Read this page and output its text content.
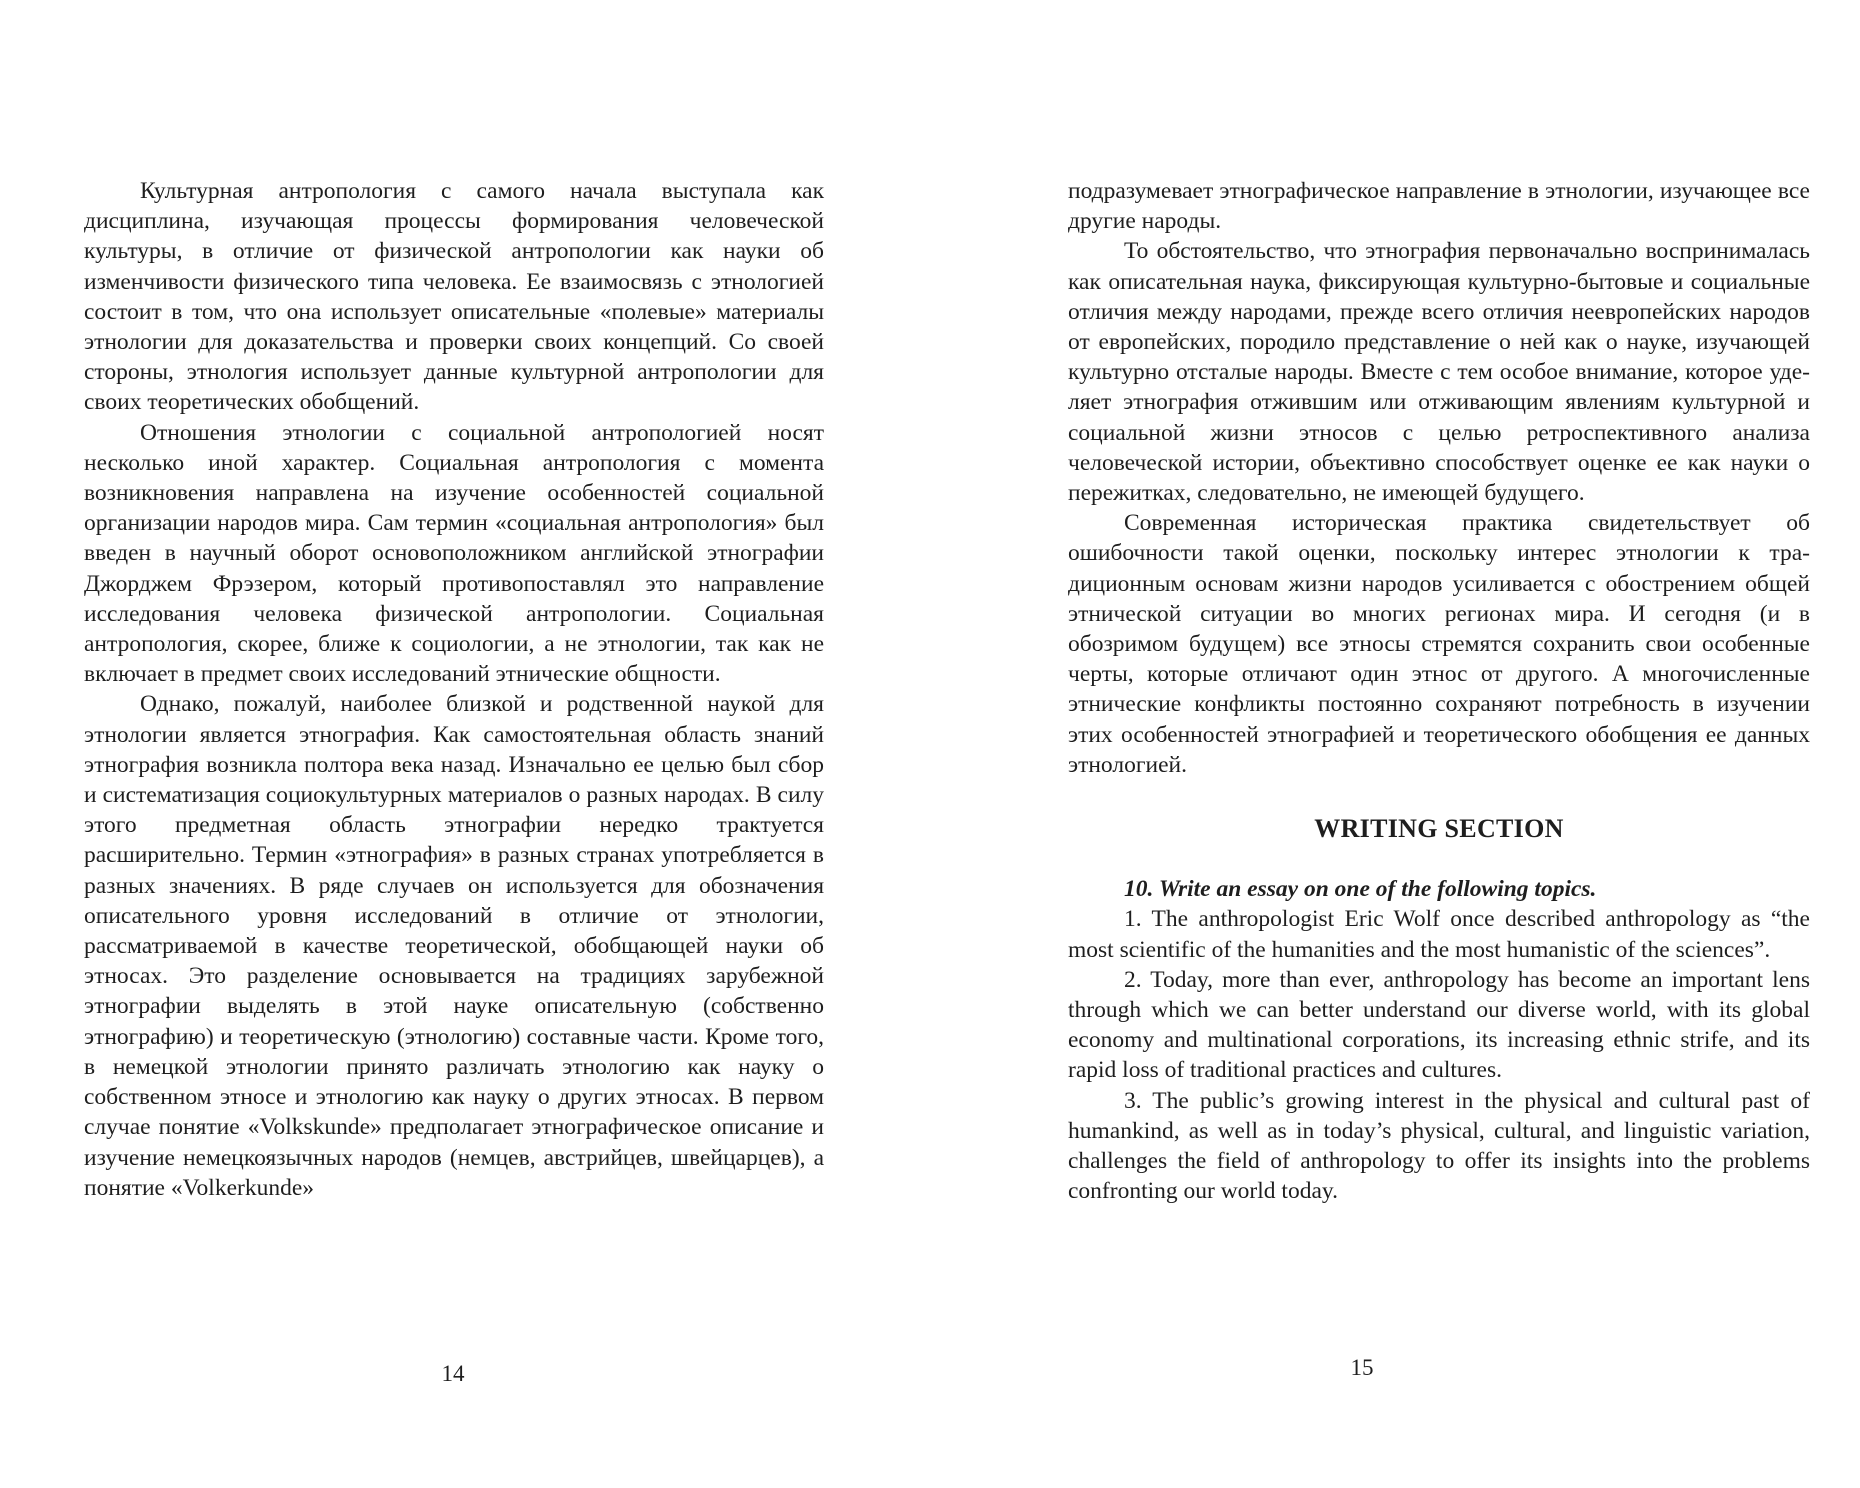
Культурная антропология с самого начала выступала как дисциплина, изучающая процессы формирования человеческой культуры, в отличие от физической антропологии как науки об изменчивости физического типа человека. Ее взаимосвязь с этнологией состоит в том, что она использует описательные «полевые» материалы этнологии для доказательства и проверки своих концепций. Со своей стороны, этнология использует данные культурной антропологии для своих теоретических обобщений.

Отношения этнологии с социальной антропологией носят несколько иной характер. Социальная антропология с момента возникновения направлена на изучение особенностей социальной организации народов мира. Сам термин «социальная антропология» был введен в научный оборот основоположником английской этнографии Джорджем Фрэзером, который противопоставлял это направление исследования человека физической антропологии. Социальная антропология, скорее, ближе к социологии, а не этнологии, так как не включает в предмет своих исследований этнические общности.

Однако, пожалуй, наиболее близкой и родственной наукой для этнологии является этнография. Как самостоятельная область знаний этнография возникла полтора века назад. Изначально ее целью был сбор и систематизация социокультурных материалов о разных народах. В силу этого предметная область этнографии нередко трактуется расширительно. Термин «этнография» в разных странах употребляется в разных значениях. В ряде случаев он используется для обозначения описательного уровня исследований в отличие от этнологии, рассматриваемой в качестве теоретической, обобщающей науки об этносах. Это разделение основывается на традициях зарубежной этнографии выделять в этой науке описательную (собственно этнографию) и теоретическую (этнологию) составные части. Кроме того, в немецкой этнологии принято различать этнологию как науку о собственном этносе и этнологию как науку о других этносах. В первом случае понятие «Volkskunde» предполагает этнографическое описание и изучение немецкоязычных народов (немцев, австрийцев, швейцарцев), а понятие «Volkerkunde»

14

подразумевает этнографическое направление в этнологии, изучающее все другие народы.

То обстоятельство, что этнография первоначально воспринималась как описательная наука, фиксирующая культурно-бытовые и социальные отличия между народами, прежде всего отличия неевропейских народов от европейских, породило представление о ней как о науке, изучающей культурно отсталые народы. Вместе с тем особое внимание, которое уделяет этнография отжившим или отживающим явлениям культурной и социальной жизни этносов с целью ретроспективного анализа человеческой истории, объективно способствует оценке ее как науки о пережитках, следовательно, не имеющей будущего.

Современная историческая практика свидетельствует об ошибочности такой оценки, поскольку интерес этнологии к традиционным основам жизни народов усиливается с обострением общей этнической ситуации во многих регионах мира. И сегодня (и в обозримом будущем) все этносы стремятся сохранить свои особенные черты, которые отличают один этнос от другого. А многочисленные этнические конфликты постоянно сохраняют потребность в изучении этих особенностей этнографией и теоретического обобщения ее данных этнологией.

WRITING SECTION

10. Write an essay on one of the following topics.

1. The anthropologist Eric Wolf once described anthropology as “the most scientific of the humanities and the most humanistic of the sciences”.

2. Today, more than ever, anthropology has become an important lens through which we can better understand our diverse world, with its global economy and multinational corporations, its increasing ethnic strife, and its rapid loss of traditional practices and cultures.

3. The public’s growing interest in the physical and cultural past of humankind, as well as in today’s physical, cultural, and linguistic variation, challenges the field of anthropology to offer its insights into the problems confronting our world today.

15
